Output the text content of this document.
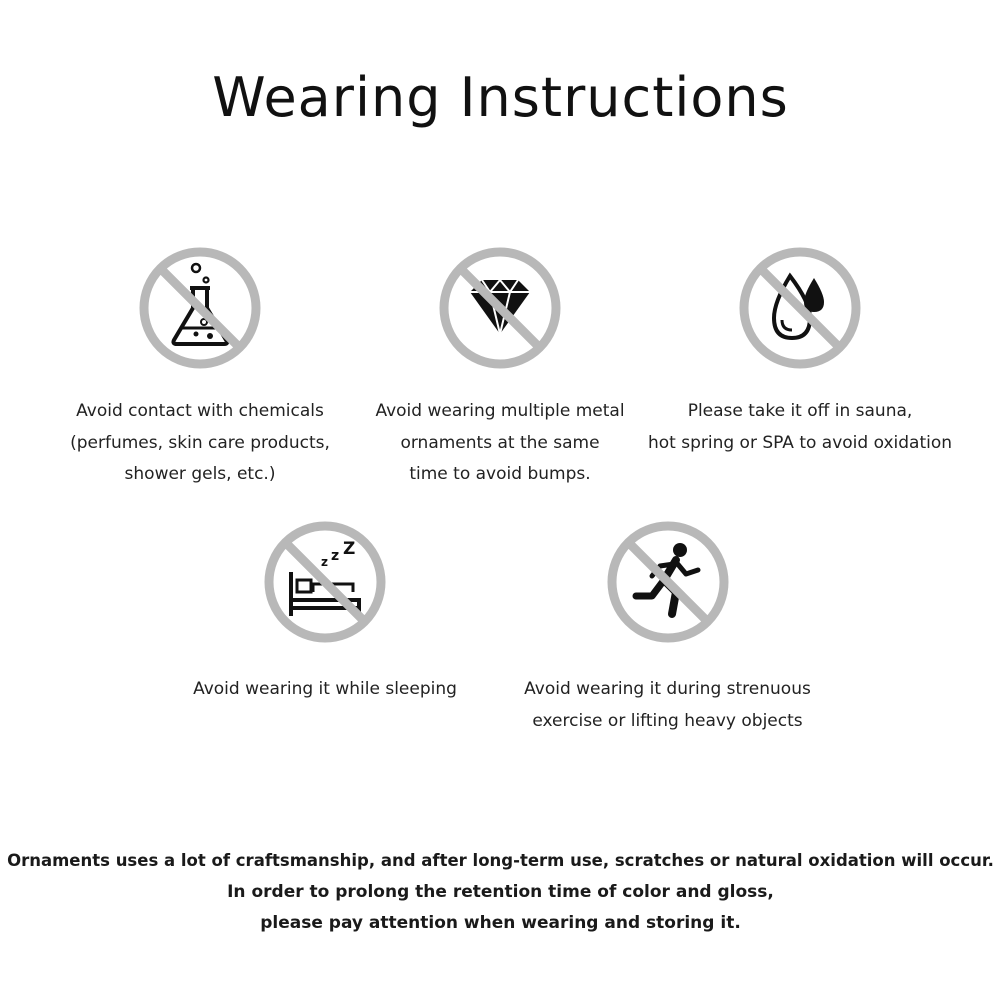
Wearing Instructions
Avoid contact with chemicals
(perfumes, skin care products,
shower gels, etc.)
Avoid wearing multiple metal
ornaments at the same
time to avoid bumps.
Please take it off in sauna,
hot spring or SPA to avoid oxidation
z z Z
Avoid wearing it while sleeping	Avoid wearing it during strenuous
exercise or lifting heavy objects
Ornaments uses a lot of craftsmanship, and after long-term use, scratches or natural oxidation will occur.
In order to prolong the retention time of color and gloss,
please pay attention when wearing and storing it.
